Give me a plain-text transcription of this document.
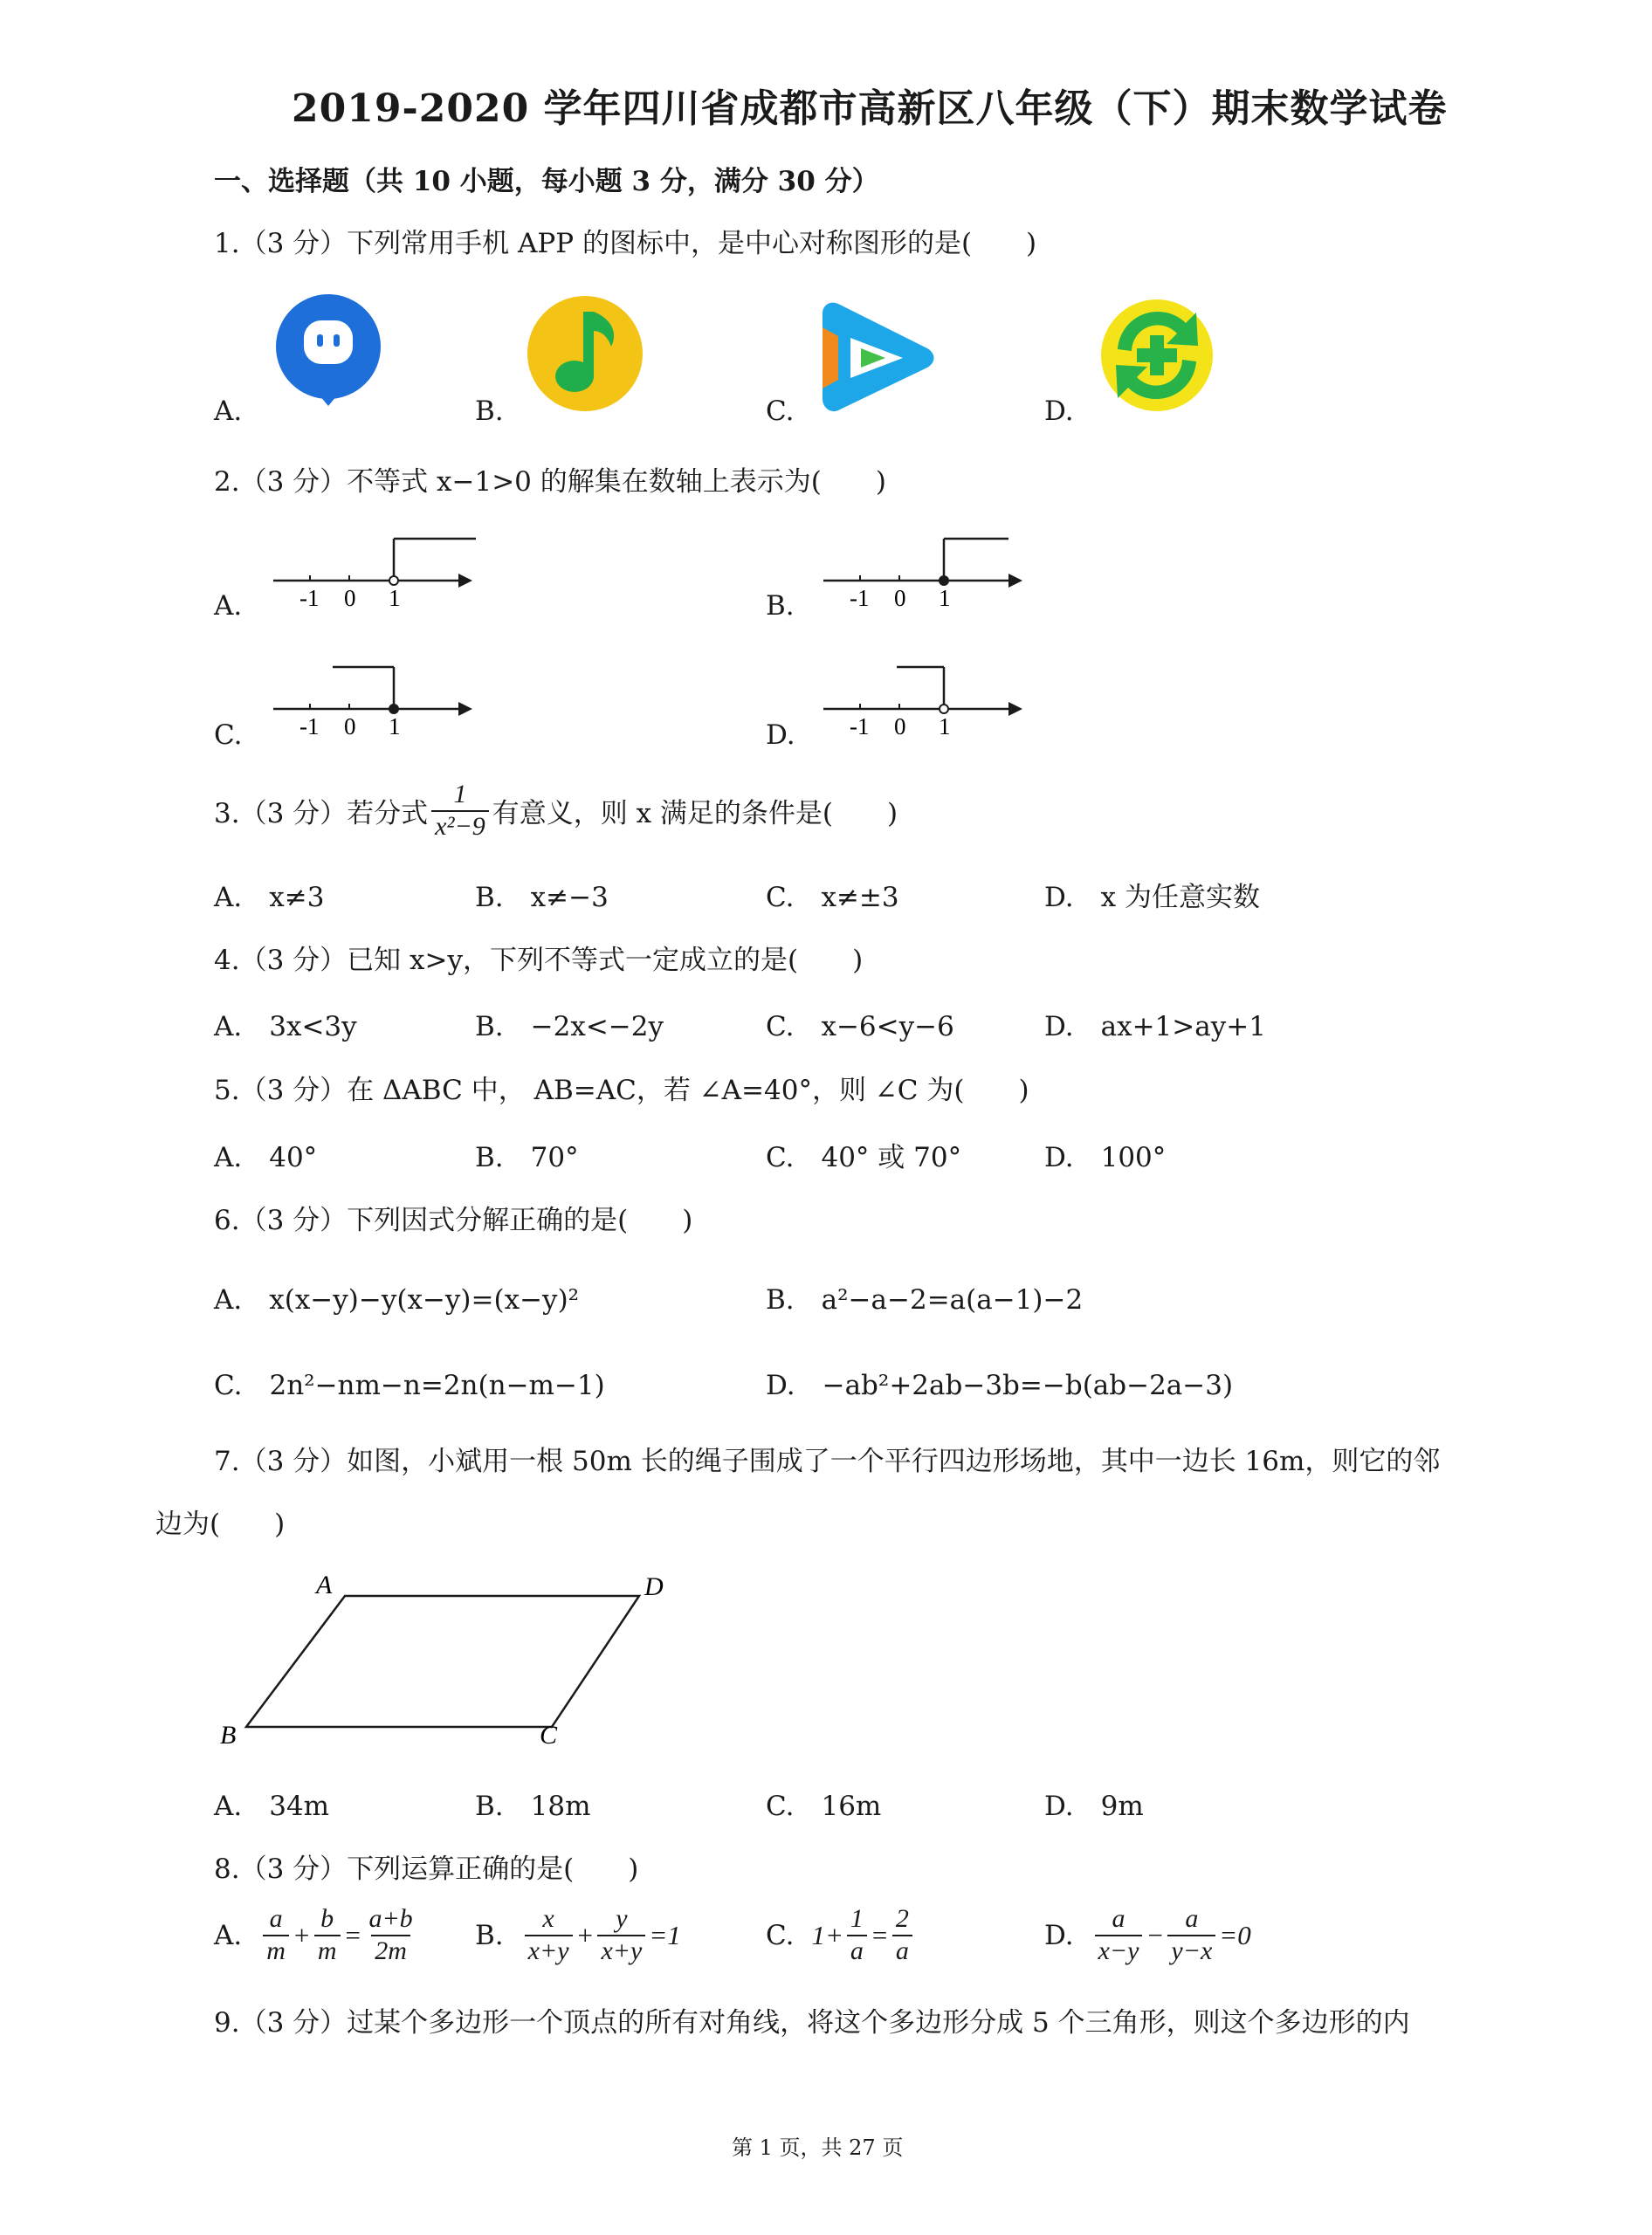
2019-2020 学年四川省成都市高新区八年级（下）期末数学试卷
一、选择题（共 10 小题，每小题 3 分，满分 30 分）
1.（3 分）下列常用手机 APP 的图标中，是中心对称图形的是(　　)
A.	B.	C.	D.
2.（3 分）不等式 x−1>0 的解集在数轴上表示为(　　)
A. -1 0 1	B. -1 0 1
C. -1 0 1	D. -1 0 1
3.（3 分）若分式 $\frac{1}{\text{x²−9}}$ 有意义，则 x 满足的条件是(　　)
A.　x≠3	B.　x≠−3	C.　x≠±3	D.　x 为任意实数
4.（3 分）已知 x>y，下列不等式一定成立的是(　　)
A.　3x<3y	B.　−2x<−2y	C.　x−6<y−6	D.　ax+1>ay+1
5.（3 分）在 ΔABC 中， AB=AC，若 ∠A=40°，则 ∠C 为(　　)
A.　40°	B.　70°	C.　40° 或 70°	D.　100°
6.（3 分）下列因式分解正确的是(　　)
A.　x(x−y)−y(x−y)=(x−y)²	B.　a²−a−2=a(a−1)−2
C.　2n²−nm−n=2n(n−m−1)	D.　−ab²+2ab−3b=−b(ab−2a−3)
7.（3 分）如图，小斌用一根 50m 长的绳子围成了一个平行四边形场地，其中一边长 16m，则它的邻
边为(　　)
A	D
B	C
A.　34m	B.　18m	C.　16m	D.　9m
8.（3 分）下列运算正确的是(　　)
A. $\frac{a}{m} + \frac{b}{m} = \frac{a+b}{2m} B$. $\frac{x}{x+y} + \frac{y}{x+y} =1$	C. $1+ \frac{1}{a} = \frac{2}{a}$	D. $\frac{a}{x-y} - \frac{a}{y-x} =0$
9.（3 分）过某个多边形一个顶点的所有对角线，将这个多边形分成 5 个三角形，则这个多边形的内
第 1 页，共 27 页
